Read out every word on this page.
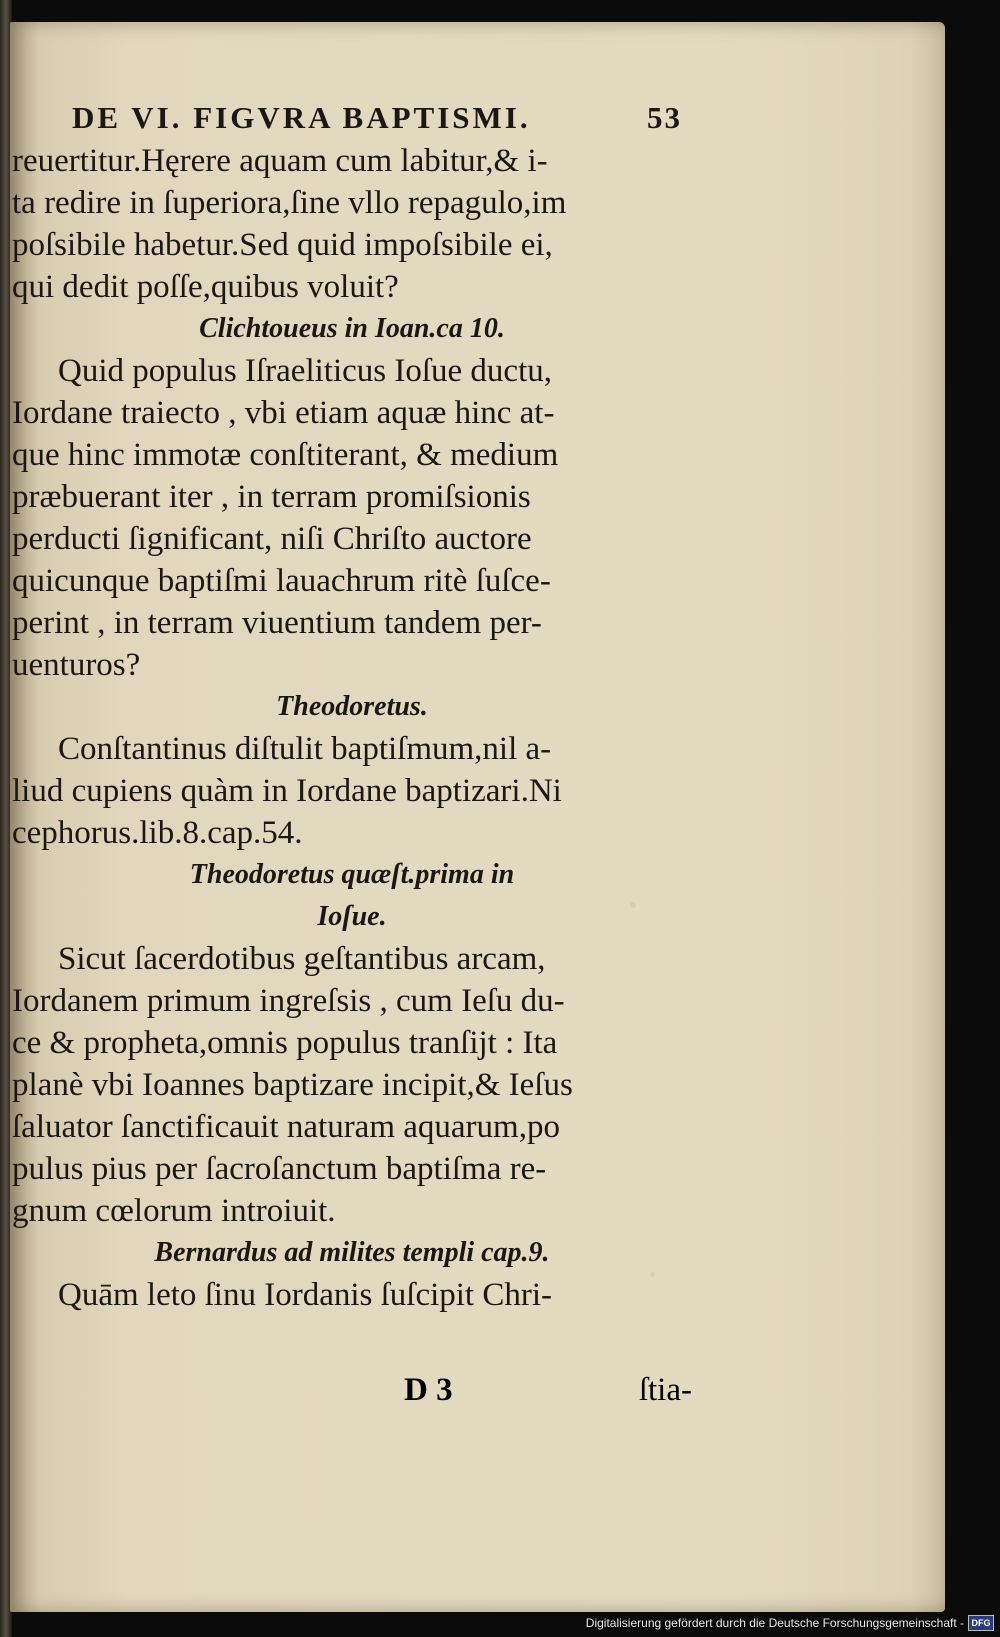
DE VI. FIGVRA BAPTISMI.	53
reuertitur.Hęrere aquam cum labitur,& i-
ta redire in ſuperiora,ſine vllo repagulo,im
poſsibile habetur.Sed quid impoſsibile ei,
qui dedit poſſe,quibus voluit?
Clichtoueus in Ioan.ca 10.
Quid populus Iſraeliticus Ioſue ductu,
Iordane traiecto , vbi etiam aquæ hinc at-
que hinc immotæ conſtiterant, & medium
præbuerant iter , in terram promiſsionis
perducti ſignificant, niſi Chriſto auctore
quicunque baptiſmi lauachrum ritè ſuſce-
perint , in terram viuentium tandem per-
uenturos?
Theodoretus.
Conſtantinus diſtulit baptiſmum,nil a-
liud cupiens quàm in Iordane baptizari.Ni
cephorus.lib.8.cap.54.
Theodoretus quæſt.prima in
Ioſue.
Sicut ſacerdotibus geſtantibus arcam,
Iordanem primum ingreſsis , cum Ieſu du-
ce & propheta,omnis populus tranſijt : Ita
planè vbi Ioannes baptizare incipit,& Ieſus
ſaluator ſanctificauit naturam aquarum,po
pulus pius per ſacroſanctum baptiſma re-
gnum cœlorum introiuit.
Bernardus ad milites templi cap.9.
Quām leto ſinu Iordanis ſuſcipit Chri-
D 3	ſtia-
Digitalisierung gefördert durch die Deutsche Forschungsgemeinschaft - DFG
